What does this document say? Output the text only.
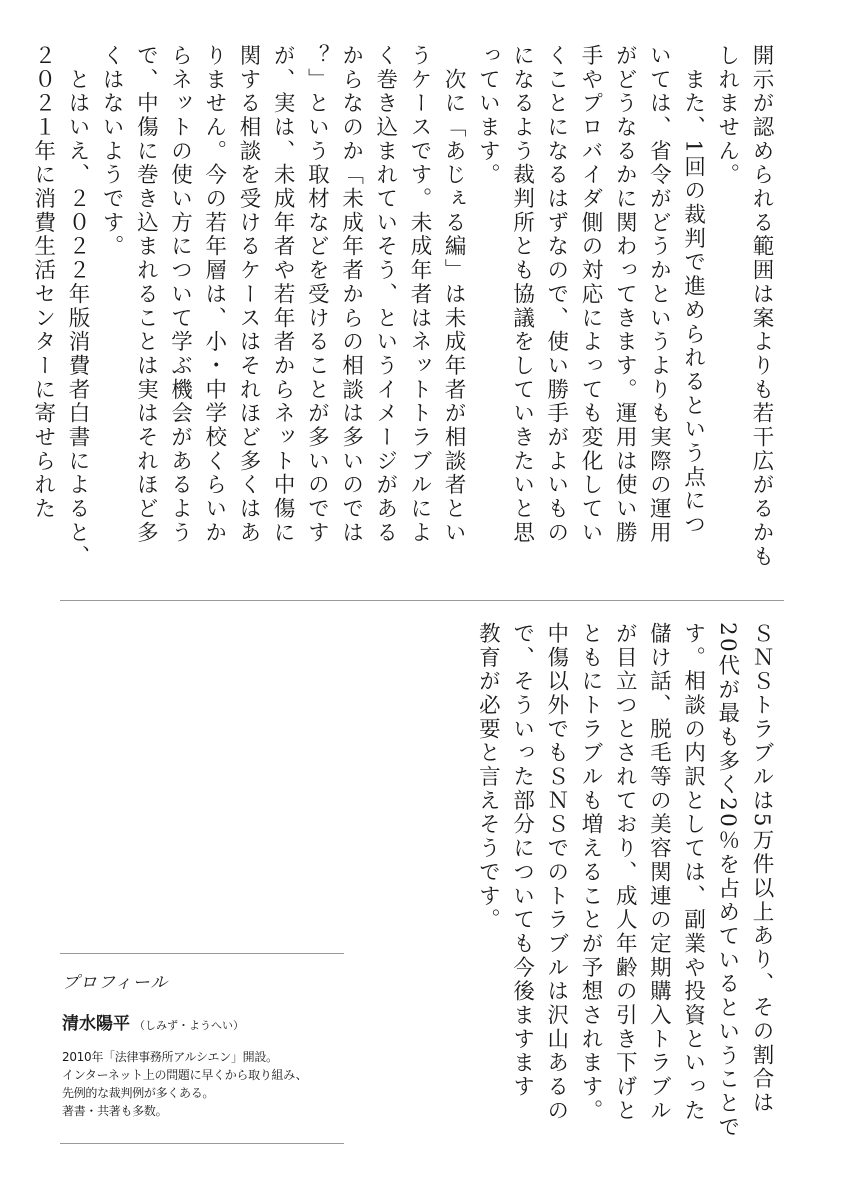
開示が認められる範囲は案よりも若干広がるかも

しれません。

　また、1回の裁判で進められるという点につ

いては、省令がどうかというよりも実際の運用

がどうなるかに関わってきます。運用は使い勝

手やプロバイダ側の対応によっても変化してい

くことになるはずなので、使い勝手がよいもの

になるよう裁判所とも協議をしていきたいと思

っています。

　次に「あじぇる編」は未成年者が相談者とい

うケースです。未成年者はネットトラブルによ

く巻き込まれていそう、というイメージがある

からなのか「未成年者からの相談は多いのでは

？」という取材などを受けることが多いのです

が、実は、未成年者や若年者からネット中傷に

関する相談を受けるケースはそれほど多くはあ

りません。今の若年層は、小・中学校くらいか

らネットの使い方について学ぶ機会があるよう

で、中傷に巻き込まれることは実はそれほど多

くはないようです。

　とはいえ、２０２２年版消費者白書によると、

２０２１年に消費生活センターに寄せられた

ＳＮＳトラブルは5万件以上あり、その割合は

20代が最も多く20％を占めているということで

す。相談の内訳としては、副業や投資といった

儲け話、脱毛等の美容関連の定期購入トラブル

が目立つとされており、成人年齢の引き下げと

ともにトラブルも増えることが予想されます。

中傷以外でもＳＮＳでのトラブルは沢山あるの

で、そういった部分についても今後ますます

教育が必要と言えそうです。

プロフィール
清水陽平 （しみず・ようへい）
2010年「法律事務所アルシエン」開設。
インターネット上の問題に早くから取り組み、
先例的な裁判例が多くある。
著書・共著も多数。
